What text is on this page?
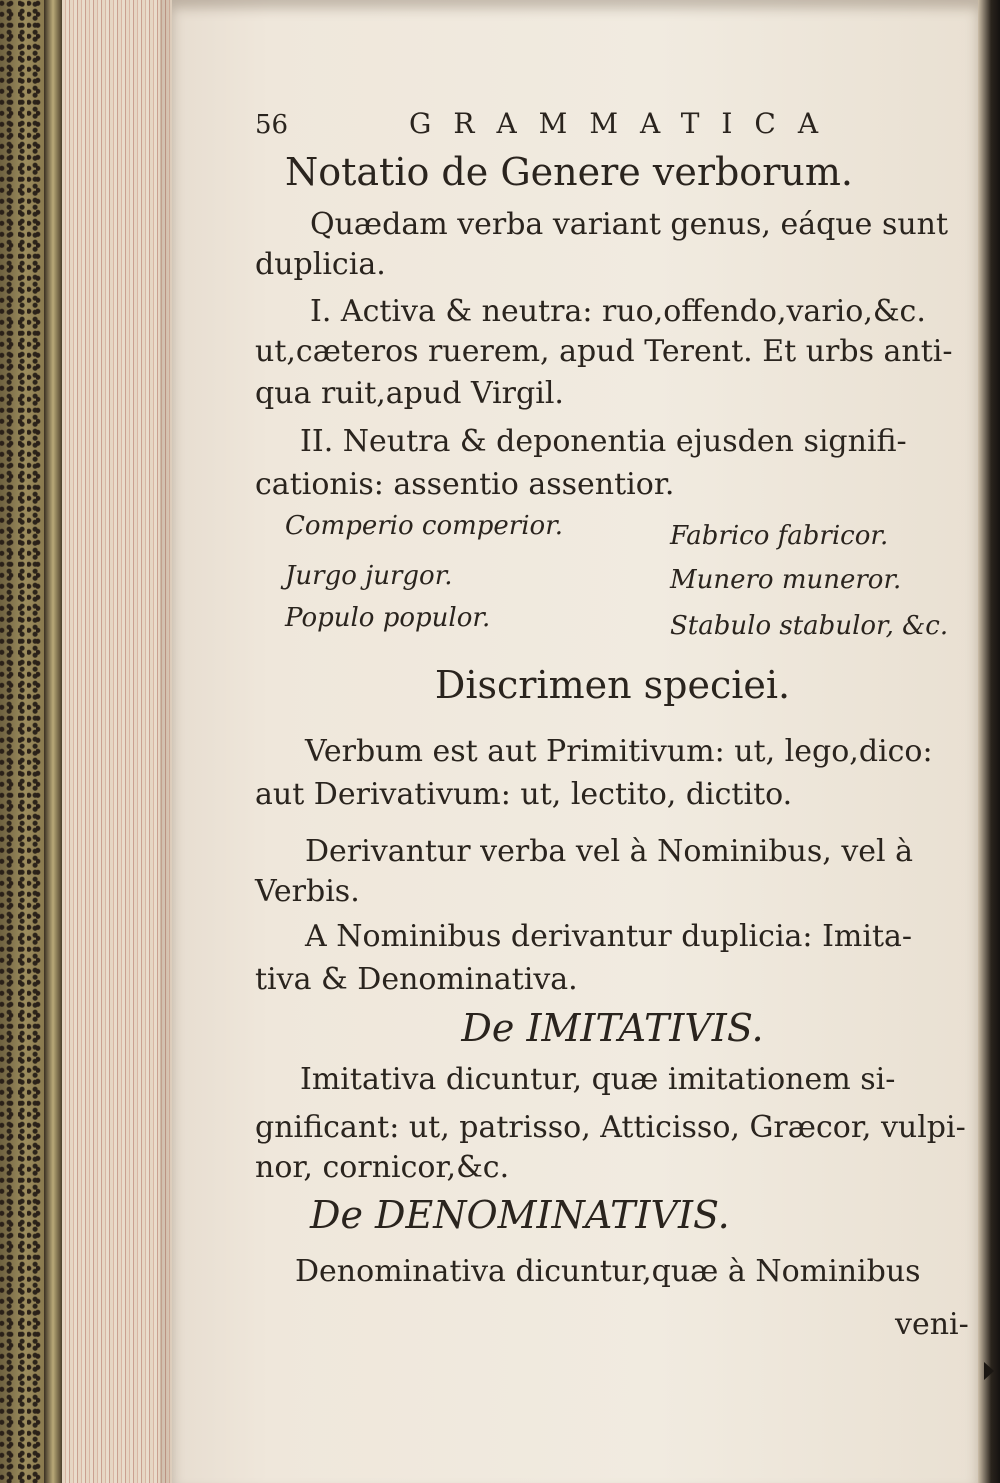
56	GRAMMATICA
Notatio de Genere verborum.
Quædam verba variant genus, eáque sunt
duplicia.
I. Activa & neutra: ruo,offendo,vario,&c.
ut,cæteros ruerem, apud Terent. Et urbs anti-
qua ruit,apud Virgil.
II. Neutra & deponentia ejusden signifi-
cationis: assentio assentior.
Comperio comperior.	Fabrico fabricor.
Jurgo jurgor.	Munero muneror.
Populo populor.	Stabulo stabulor, &c.
Discrimen speciei.
Verbum est aut Primitivum: ut, lego,dico:
aut Derivativum: ut, lectito, dictito.
Derivantur verba vel à Nominibus, vel à
Verbis.
A Nominibus derivantur duplicia: Imita-
tiva & Denominativa.
De IMITATIVIS.
Imitativa dicuntur, quæ imitationem si-
gnificant: ut, patrisso, Atticisso, Græcor, vulpi-
nor, cornicor,&c.
De DENOMINATIVIS.
Denominativa dicuntur,quæ à Nominibus
veni-
